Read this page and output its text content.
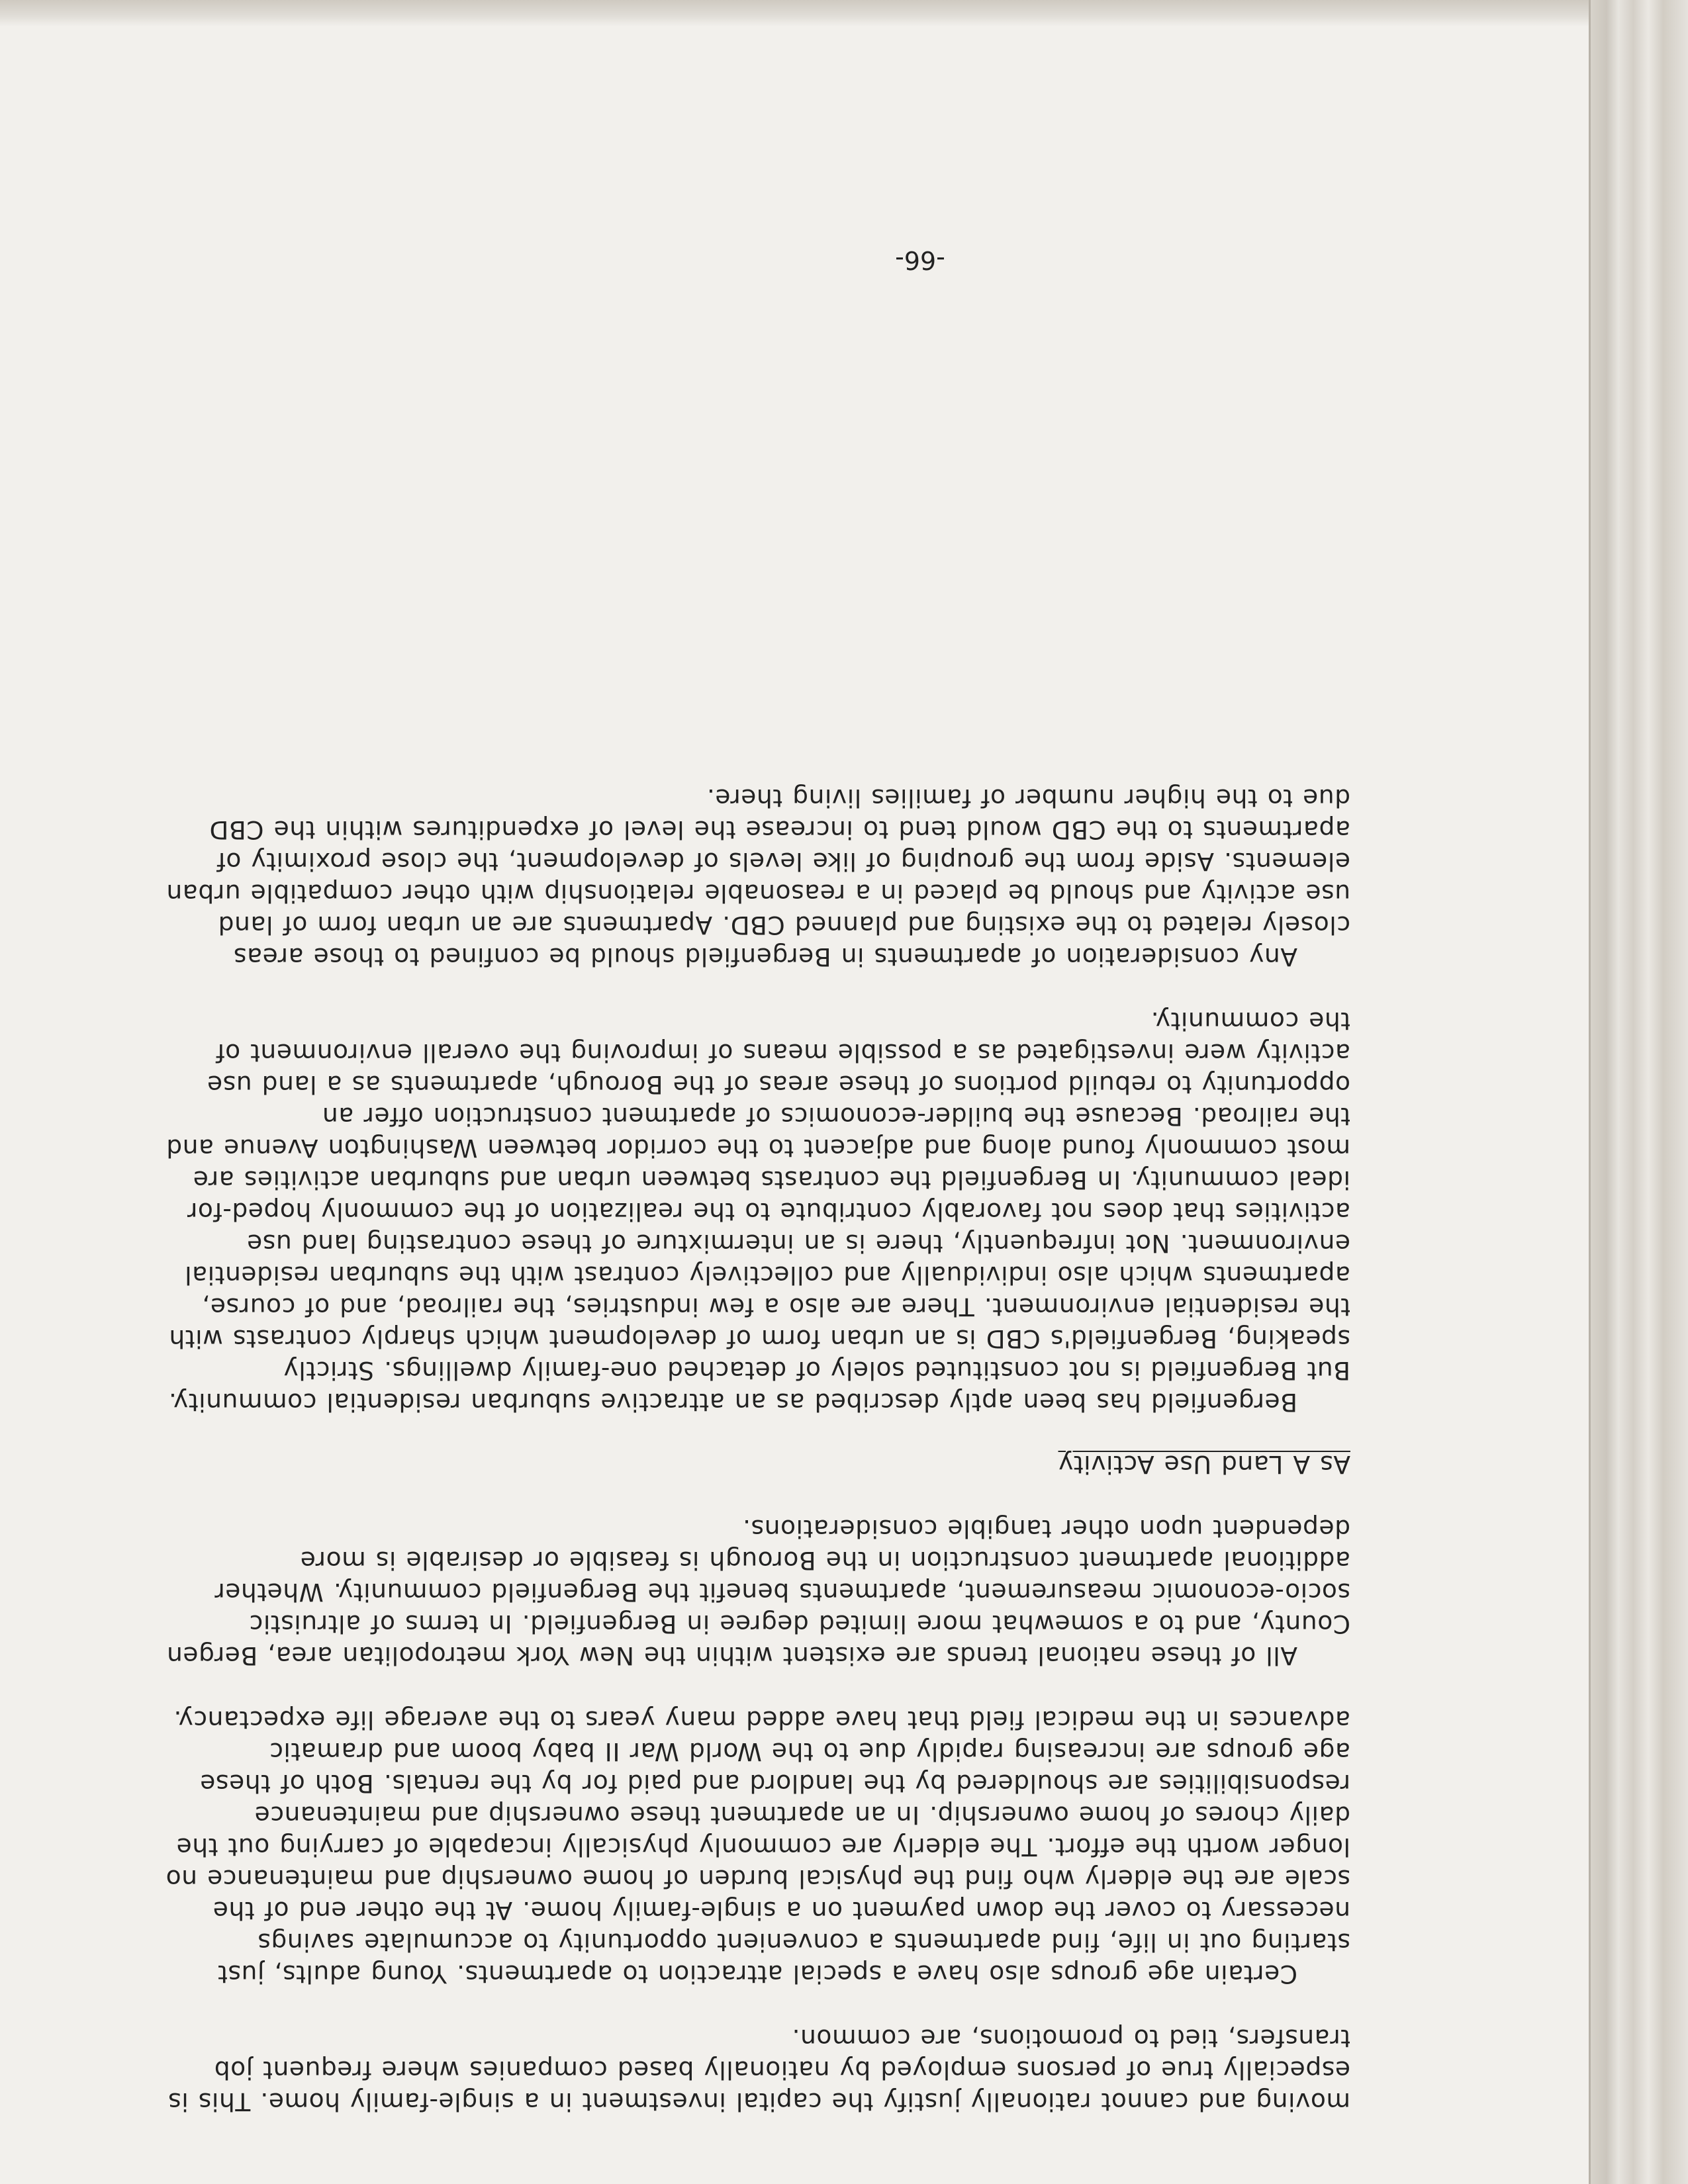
moving and cannot rationally justify the capital investment in a single-family home. This is especially true of persons employed by nationally based companies where frequent job transfers, tied to promotions, are common.

Certain age groups also have a special attraction to apartments. Young adults, just starting out in life, find apartments a convenient opportunity to accumulate savings necessary to cover the down payment on a single-family home. At the other end of the scale are the elderly who find the physical burden of home ownership and maintenance no longer worth the effort. The elderly are commonly physically incapable of carrying out the daily chores of home ownership. In an apartment these ownership and maintenance responsibilities are shouldered by the landlord and paid for by the rentals. Both of these age groups are increasing rapidly due to the World War II baby boom and dramatic advances in the medical field that have added many years to the average life expectancy.

All of these national trends are existent within the New York metropolitan area, Bergen County, and to a somewhat more limited degree in Bergenfield. In terms of altruistic socio-economic measurement, apartments benefit the Bergenfield community. Whether additional apartment construction in the Borough is feasible or desirable is more dependent upon other tangible considerations.

As A Land Use Activity

Bergenfield has been aptly described as an attractive suburban residential community. But Bergenfield is not constituted solely of detached one-family dwellings. Strictly speaking, Bergenfield's CBD is an urban form of development which sharply contrasts with the residential environment. There are also a few industries, the railroad, and of course, apartments which also individually and collectively contrast with the suburban residential environment. Not infrequently, there is an intermixture of these contrasting land use activities that does not favorably contribute to the realization of the commonly hoped-for ideal community. In Bergenfield the contrasts between urban and suburban activities are most commonly found along and adjacent to the corridor between Washington Avenue and the railroad. Because the builder-economics of apartment construction offer an opportunity to rebuild portions of these areas of the Borough, apartments as a land use activity were investigated as a possible means of improving the overall environment of the community.

Any consideration of apartments in Bergenfield should be confined to those areas closely related to the existing and planned CBD. Apartments are an urban form of land use activity and should be placed in a reasonable relationship with other compatible urban elements. Aside from the grouping of like levels of development, the close proximity of apartments to the CBD would tend to increase the level of expenditures within the CBD due to the higher number of families living there.

-66-
